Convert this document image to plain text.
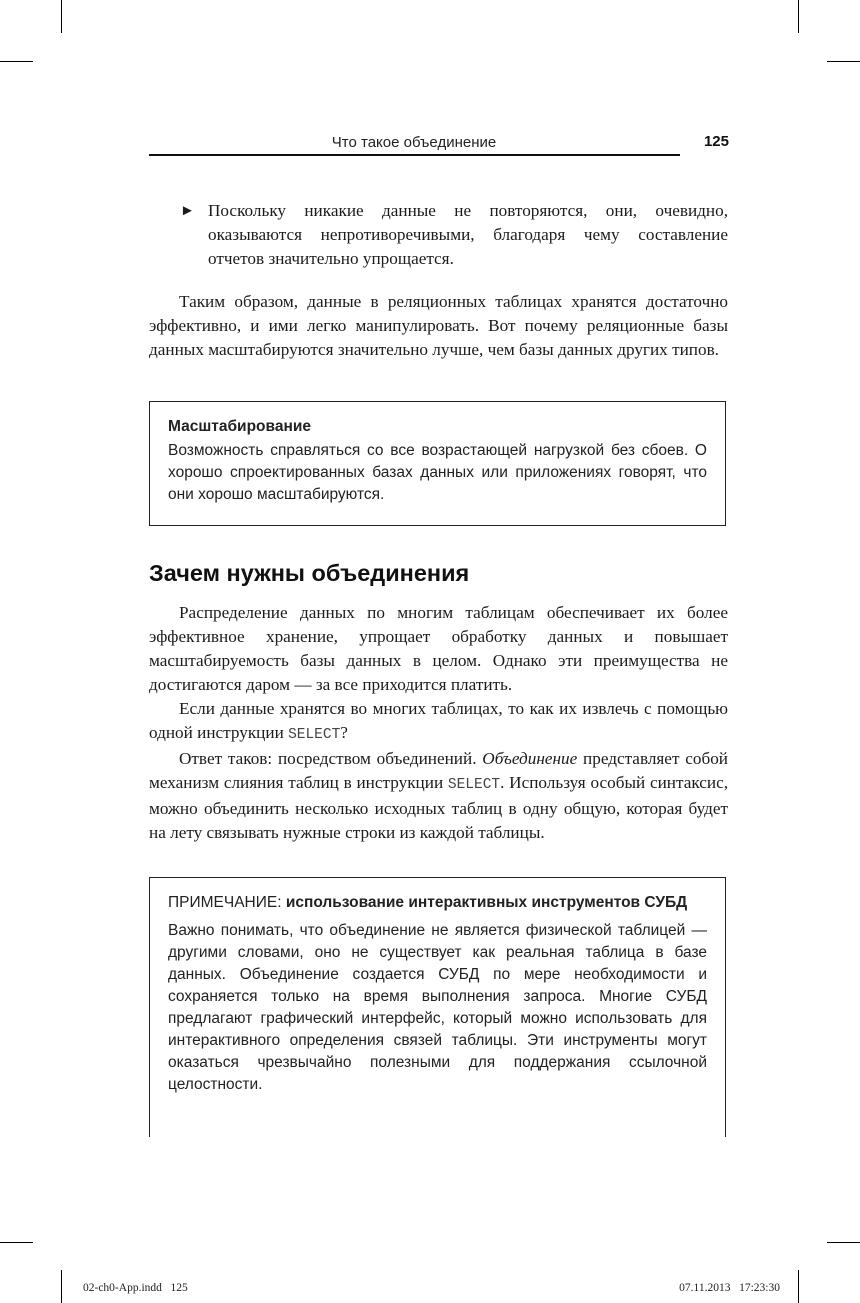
Что такое объединение	125
► Поскольку никакие данные не повторяются, они, очевидно, оказываются непротиворечивыми, благодаря чему составление отчетов значительно упрощается.

Таким образом, данные в реляционных таблицах хранятся достаточно эффективно, и ими легко манипулировать. Вот почему реляционные базы данных масштабируются значительно лучше, чем базы данных других типов.

Масштабирование
Возможность справляться со все возрастающей нагрузкой без сбоев. О хорошо спроектированных базах данных или приложениях говорят, что они хорошо масштабируются.
Зачем нужны объединения

Распределение данных по многим таблицам обеспечивает их более эффективное хранение, упрощает обработку данных и повышает масштабируемость базы данных в целом. Однако эти преимущества не достигаются даром — за все приходится платить.

Если данные хранятся во многих таблицах, то как их извлечь с помощью одной инструкции SELECT?

Ответ таков: посредством объединений. Объединение представляет собой механизм слияния таблиц в инструкции SELECT. Используя особый синтаксис, можно объединить несколько исходных таблиц в одну общую, которая будет на лету связывать нужные строки из каждой таблицы.

ПРИМЕЧАНИЕ: использование интерактивных инструментов СУБД
Важно понимать, что объединение не является физической таблицей — другими словами, оно не существует как реальная таблица в базе данных. Объединение создается СУБД по мере необходимости и сохраняется только на время выполнения запроса. Многие СУБД предлагают графический интерфейс, который можно использовать для интерактивного определения связей таблицы. Эти инструменты могут оказаться чрезвычайно полезными для поддержания ссылочной целостности.
02-ch0-App.indd   125	07.11.2013   17:23:30
